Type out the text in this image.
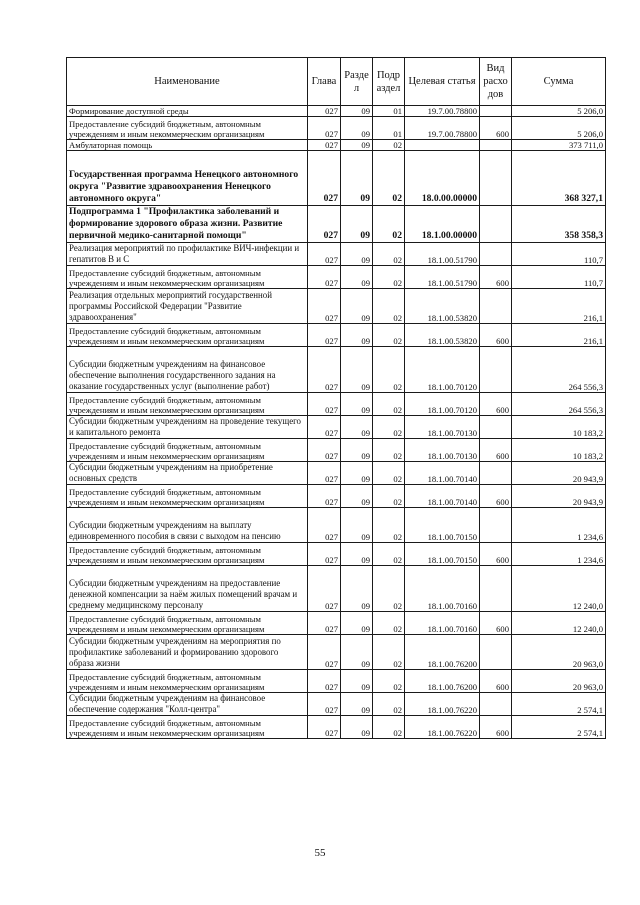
Наименование	Глава	Разде л	Подр аздел	Целевая статья	Вид расхо дов	Сумма
Формирование доступной среды	027	09	01	19.7.00.78800		5 206,0
Предоставление субсидий бюджетным, автономным учреждениям и иным некоммерческим организациям	027	09	01	19.7.00.78800	600	5 206,0
Амбулаторная помощь	027	09	02			373 711,0
Государственная программа Ненецкого автономного округа "Развитие здравоохранения Ненецкого автономного округа"	027	09	02	18.0.00.00000		368 327,1
Подпрограмма 1 "Профилактика заболеваний и формирование здорового образа жизни. Развитие первичной медико-санитарной помощи"	027	09	02	18.1.00.00000		358 358,3
Реализация мероприятий по профилактике ВИЧ-инфекции и гепатитов В и С	027	09	02	18.1.00.51790		110,7
Предоставление субсидий бюджетным, автономным учреждениям и иным некоммерческим организациям	027	09	02	18.1.00.51790	600	110,7
Реализация отдельных мероприятий государственной программы Российской Федерации "Развитие здравоохранения"	027	09	02	18.1.00.53820		216,1
Предоставление субсидий бюджетным, автономным учреждениям и иным некоммерческим организациям	027	09	02	18.1.00.53820	600	216,1
Субсидии бюджетным учреждениям на финансовое обеспечение выполнения государственного задания на оказание государственных услуг (выполнение работ)	027	09	02	18.1.00.70120		264 556,3
Предоставление субсидий бюджетным, автономным учреждениям и иным некоммерческим организациям	027	09	02	18.1.00.70120	600	264 556,3
Субсидии бюджетным учреждениям на проведение текущего и капитального ремонта	027	09	02	18.1.00.70130		10 183,2
Предоставление субсидий бюджетным, автономным учреждениям и иным некоммерческим организациям	027	09	02	18.1.00.70130	600	10 183,2
Субсидии бюджетным учреждениям на приобретение основных средств	027	09	02	18.1.00.70140		20 943,9
Предоставление субсидий бюджетным, автономным учреждениям и иным некоммерческим организациям	027	09	02	18.1.00.70140	600	20 943,9
Субсидии бюджетным учреждениям на выплату единовременного пособия в связи с выходом на пенсию	027	09	02	18.1.00.70150		1 234,6
Предоставление субсидий бюджетным, автономным учреждениям и иным некоммерческим организациям	027	09	02	18.1.00.70150	600	1 234,6
Субсидии бюджетным учреждениям на предоставление денежной компенсации за наём жилых помещений врачам и среднему медицинскому персоналу	027	09	02	18.1.00.70160		12 240,0
Предоставление субсидий бюджетным, автономным учреждениям и иным некоммерческим организациям	027	09	02	18.1.00.70160	600	12 240,0
Субсидии бюджетным учреждениям на мероприятия по профилактике заболеваний и формированию здорового образа жизни	027	09	02	18.1.00.76200		20 963,0
Предоставление субсидий бюджетным, автономным учреждениям и иным некоммерческим организациям	027	09	02	18.1.00.76200	600	20 963,0
Субсидии бюджетным учреждениям на финансовое обеспечение содержания "Колл-центра"	027	09	02	18.1.00.76220		2 574,1
Предоставление субсидий бюджетным, автономным учреждениям и иным некоммерческим организациям	027	09	02	18.1.00.76220	600	2 574,1
55
